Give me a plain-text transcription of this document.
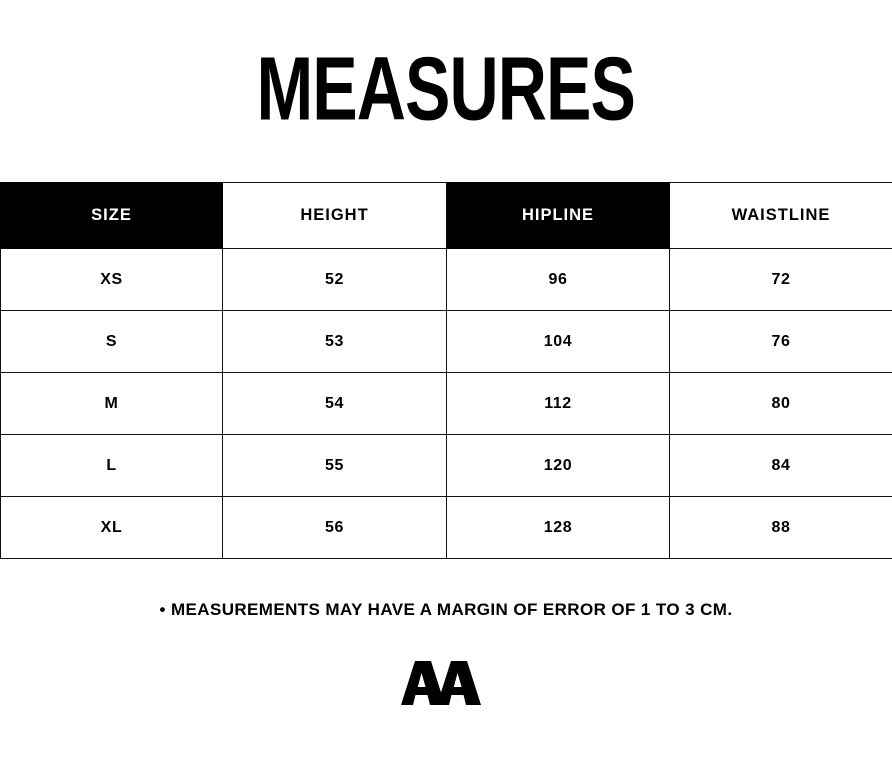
MEASURES
SIZE	HEIGHT	HIPLINE	WAISTLINE
XS	52	96	72
S	53	104	76
M	54	112	80
L	55	120	84
XL	56	128	88
• MEASUREMENTS MAY HAVE A MARGIN OF ERROR OF 1 TO 3 CM.
